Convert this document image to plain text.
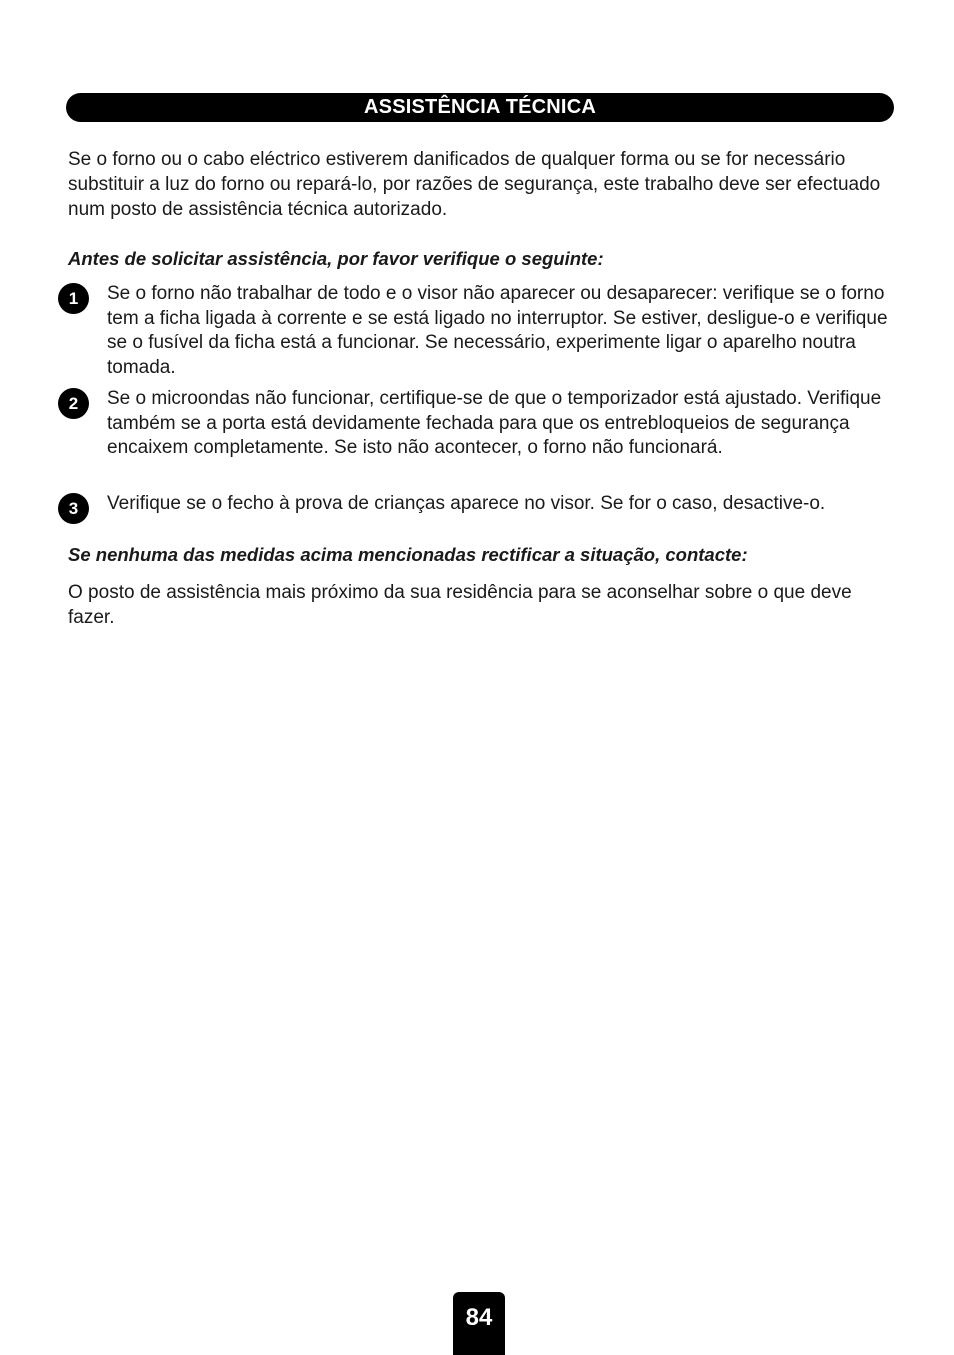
ASSISTÊNCIA TÉCNICA

Se o forno ou o cabo eléctrico estiverem danificados de qualquer forma ou se for necessário substituir a luz do forno ou repará-lo, por razões de segurança, este trabalho deve ser efectuado num posto de assistência técnica autorizado.

Antes de solicitar assistência, por favor verifique o seguinte:

1	Se o forno não trabalhar de todo e o visor não aparecer ou desaparecer: verifique se o forno tem a ficha ligada à corrente e se está ligado no interruptor. Se estiver, desligue-o e verifique se o fusível da ficha está a funcionar. Se necessário, experimente ligar o aparelho noutra tomada.

2	Se o microondas não funcionar, certifique-se de que o temporizador está ajustado. Verifique também se a porta está devidamente fechada para que os entrebloqueios de segurança encaixem completamente. Se isto não acontecer, o forno não funcionará.

3	Verifique se o fecho à prova de crianças aparece no visor. Se for o caso, desactive-o.

Se nenhuma das medidas acima mencionadas rectificar a situação, contacte:

O posto de assistência mais próximo da sua residência para se aconselhar sobre o que deve fazer.

84
